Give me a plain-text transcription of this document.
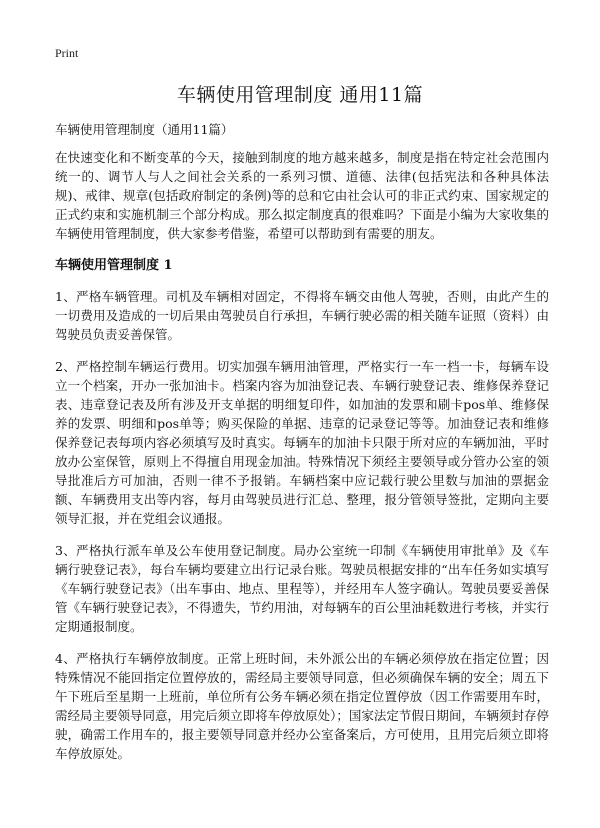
Print
车辆使用管理制度 通用11篇

车辆使用管理制度（通用11篇）

在快速变化和不断变革的今天，接触到制度的地方越来越多，制度是指在特定社会范围内统一的、调节人与人之间社会关系的一系列习惯、道德、法律(包括宪法和各种具体法规)、戒律、规章(包括政府制定的条例)等的总和它由社会认可的非正式约束、国家规定的正式约束和实施机制三个部分构成。那么拟定制度真的很难吗？下面是小编为大家收集的车辆使用管理制度，供大家参考借鉴，希望可以帮助到有需要的朋友。

车辆使用管理制度 1

1、严格车辆管理。司机及车辆相对固定，不得将车辆交由他人驾驶，否则，由此产生的一切费用及造成的一切后果由驾驶员自行承担，车辆行驶必需的相关随车证照（资料）由驾驶员负责妥善保管。

2、严格控制车辆运行费用。切实加强车辆用油管理，严格实行一车一档一卡，每辆车设立一个档案，开办一张加油卡。档案内容为加油登记表、车辆行驶登记表、维修保养登记表、违章登记表及所有涉及开支单据的明细复印件，如加油的发票和刷卡pos单、维修保养的发票、明细和pos单等；购买保险的单据、违章的记录登记等等。加油登记表和维修保养登记表每项内容必须填写及时真实。每辆车的加油卡只限于所对应的车辆加油，平时放办公室保管，原则上不得擅自用现金加油。特殊情况下须经主要领导或分管办公室的领导批准后方可加油，否则一律不予报销。车辆档案中应记载行驶公里数与加油的票据金额、车辆费用支出等内容，每月由驾驶员进行汇总、整理，报分管领导签批，定期向主要领导汇报，并在党组会议通报。

3、严格执行派车单及公车使用登记制度。局办公室统一印制《车辆使用审批单》及《车辆行驶登记表》，每台车辆均要建立出行记录台账。驾驶员根据安排的“出车任务如实填写《车辆行驶登记表》（出车事由、地点、里程等），并经用车人签字确认。驾驶员要妥善保管《车辆行驶登记表》，不得遗失，节约用油，对每辆车的百公里油耗数进行考核，并实行定期通报制度。

4、严格执行车辆停放制度。正常上班时间，未外派公出的车辆必须停放在指定位置；因特殊情况不能回指定位置停放的，需经局主要领导同意，但必须确保车辆的安全；周五下午下班后至星期一上班前，单位所有公务车辆必须在指定位置停放（因工作需要用车时，需经局主要领导同意，用完后须立即将车停放原处）；国家法定节假日期间，车辆须封存停驶，确需工作用车的，报主要领导同意并经办公室备案后，方可使用，且用完后须立即将车停放原处。
